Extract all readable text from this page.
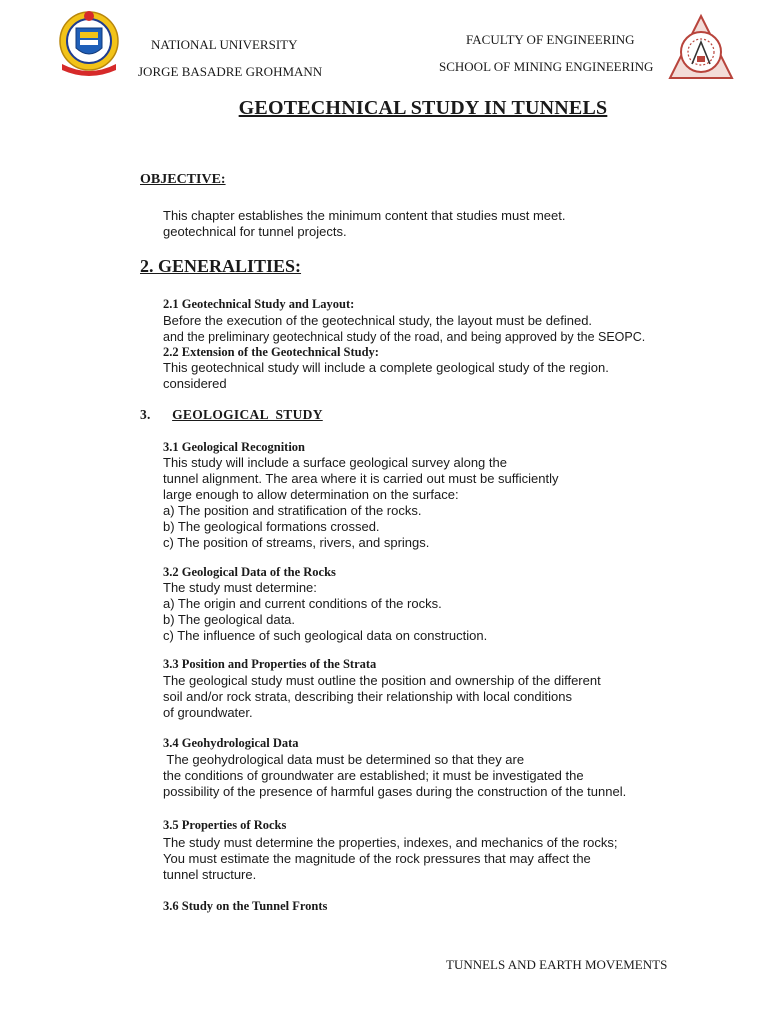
NATIONAL UNIVERSITY
JORGE BASADRE GROHMANN
FACULTY OF ENGINEERING
SCHOOL OF MINING ENGINEERING
GEOTECHNICAL STUDY IN TUNNELS
OBJECTIVE:
This chapter establishes the minimum content that studies must meet.
geotechnical for tunnel projects.
2. GENERALITIES:
2.1 Geotechnical Study and Layout:
Before the execution of the geotechnical study, the layout must be defined.
and the preliminary geotechnical study of the road, and being approved by the SEOPC.
2.2 Extension of the Geotechnical Study:
This geotechnical study will include a complete geological study of the region.
considered
3. GEOLOGICAL  STUDY
3.1 Geological Recognition
This study will include a surface geological survey along the
tunnel alignment. The area where it is carried out must be sufficiently
large enough to allow determination on the surface:
a) The position and stratification of the rocks.
b) The geological formations crossed.
c) The position of streams, rivers, and springs.
3.2 Geological Data of the Rocks
The study must determine:
a) The origin and current conditions of the rocks.
b) The geological data.
c) The influence of such geological data on construction.
3.3 Position and Properties of the Strata
The geological study must outline the position and ownership of the different
soil and/or rock strata, describing their relationship with local conditions
of groundwater.
3.4 Geohydrological Data
The geohydrological data must be determined so that they are
the conditions of groundwater are established; it must be investigated the
possibility of the presence of harmful gases during the construction of the tunnel.
3.5 Properties of Rocks
The study must determine the properties, indexes, and mechanics of the rocks;
You must estimate the magnitude of the rock pressures that may affect the
tunnel structure.
3.6 Study on the Tunnel Fronts
TUNNELS AND EARTH MOVEMENTS
